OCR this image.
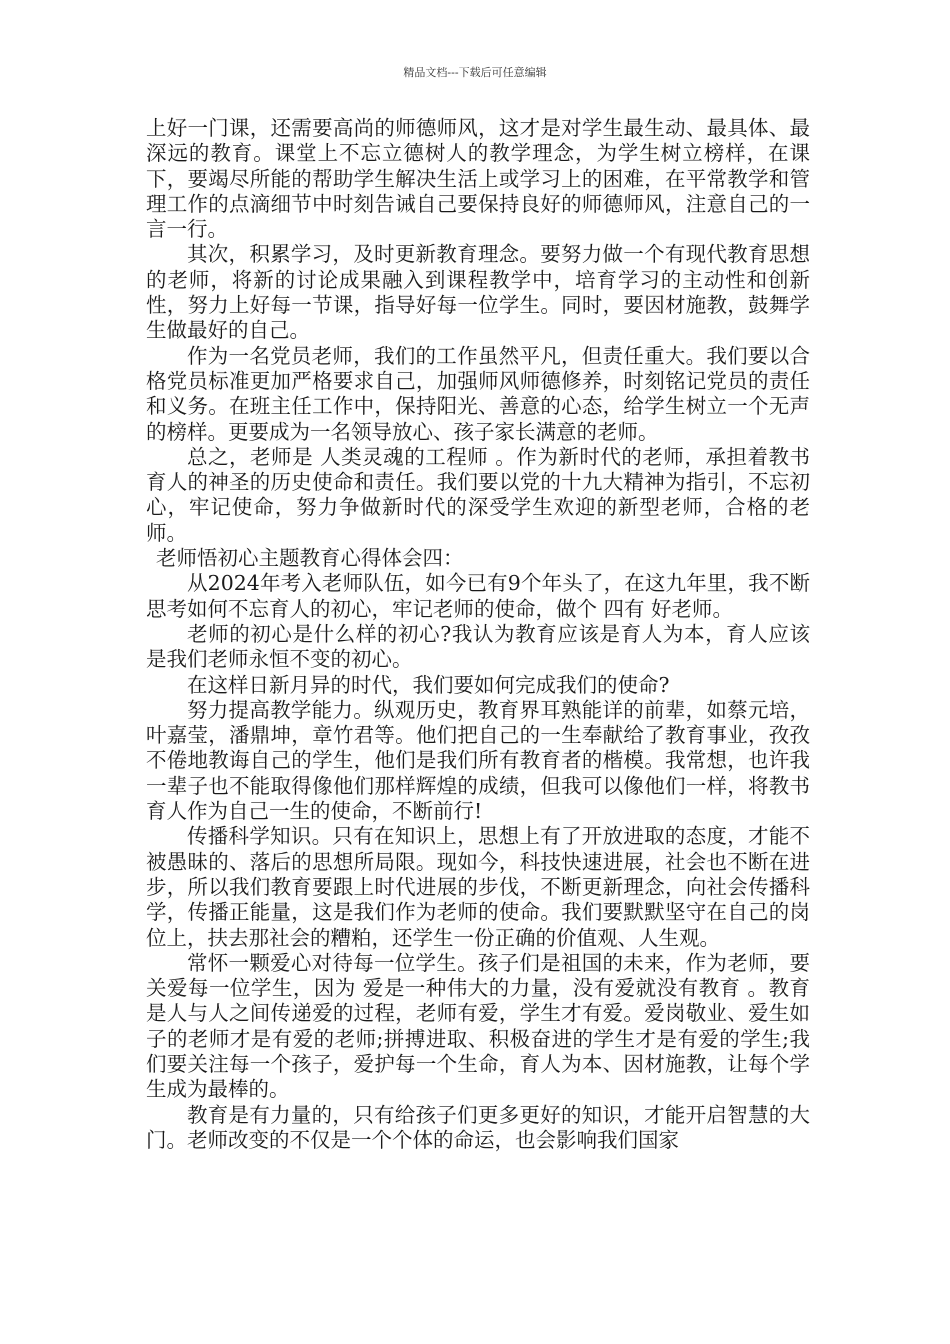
精品文档---下载后可任意编辑

上好一门课，还需要高尚的师德师风，这才是对学生最生动、最具体、最深远的教育。课堂上不忘立德树人的教学理念，为学生树立榜样，在课下，要竭尽所能的帮助学生解决生活上或学习上的困难，在平常教学和管理工作的点滴细节中时刻告诫自己要保持良好的师德师风，注意自己的一言一行。

其次，积累学习，及时更新教育理念。要努力做一个有现代教育思想的老师，将新的讨论成果融入到课程教学中，培育学习的主动性和创新性，努力上好每一节课，指导好每一位学生。同时，要因材施教，鼓舞学生做最好的自己。

作为一名党员老师，我们的工作虽然平凡，但责任重大。我们要以合格党员标准更加严格要求自己，加强师风师德修养，时刻铭记党员的责任和义务。在班主任工作中，保持阳光、善意的心态，给学生树立一个无声的榜样。更要成为一名领导放心、孩子家长满意的老师。

总之，老师是 人类灵魂的工程师 。作为新时代的老师，承担着教书育人的神圣的历史使命和责任。我们要以党的十九大精神为指引，不忘初心，牢记使命，努力争做新时代的深受学生欢迎的新型老师，合格的老师。

老师悟初心主题教育心得体会四：

从2024年考入老师队伍，如今已有9个年头了，在这九年里，我不断思考如何不忘育人的初心，牢记老师的使命，做个 四有 好老师。

老师的初心是什么样的初心?我认为教育应该是育人为本，育人应该是我们老师永恒不变的初心。

在这样日新月异的时代，我们要如何完成我们的使命?

努力提高教学能力。纵观历史，教育界耳熟能详的前辈，如蔡元培，叶嘉莹，潘鼎坤，章竹君等。他们把自己的一生奉献给了教育事业，孜孜不倦地教诲自己的学生，他们是我们所有教育者的楷模。我常想，也许我一辈子也不能取得像他们那样辉煌的成绩，但我可以像他们一样，将教书育人作为自己一生的使命，不断前行!

传播科学知识。只有在知识上，思想上有了开放进取的态度，才能不被愚昧的、落后的思想所局限。现如今，科技快速进展，社会也不断在进步，所以我们教育要跟上时代进展的步伐，不断更新理念，向社会传播科学，传播正能量，这是我们作为老师的使命。我们要默默坚守在自己的岗位上，扶去那社会的糟粕，还学生一份正确的价值观、人生观。

常怀一颗爱心对待每一位学生。孩子们是祖国的未来，作为老师，要关爱每一位学生，因为 爱是一种伟大的力量，没有爱就没有教育 。教育是人与人之间传递爱的过程，老师有爱，学生才有爱。爱岗敬业、爱生如子的老师才是有爱的老师;拼搏进取、积极奋进的学生才是有爱的学生;我们要关注每一个孩子，爱护每一个生命，育人为本、因材施教，让每个学生成为最棒的。

教育是有力量的，只有给孩子们更多更好的知识，才能开启智慧的大门。老师改变的不仅是一个个体的命运，也会影响我们国家
